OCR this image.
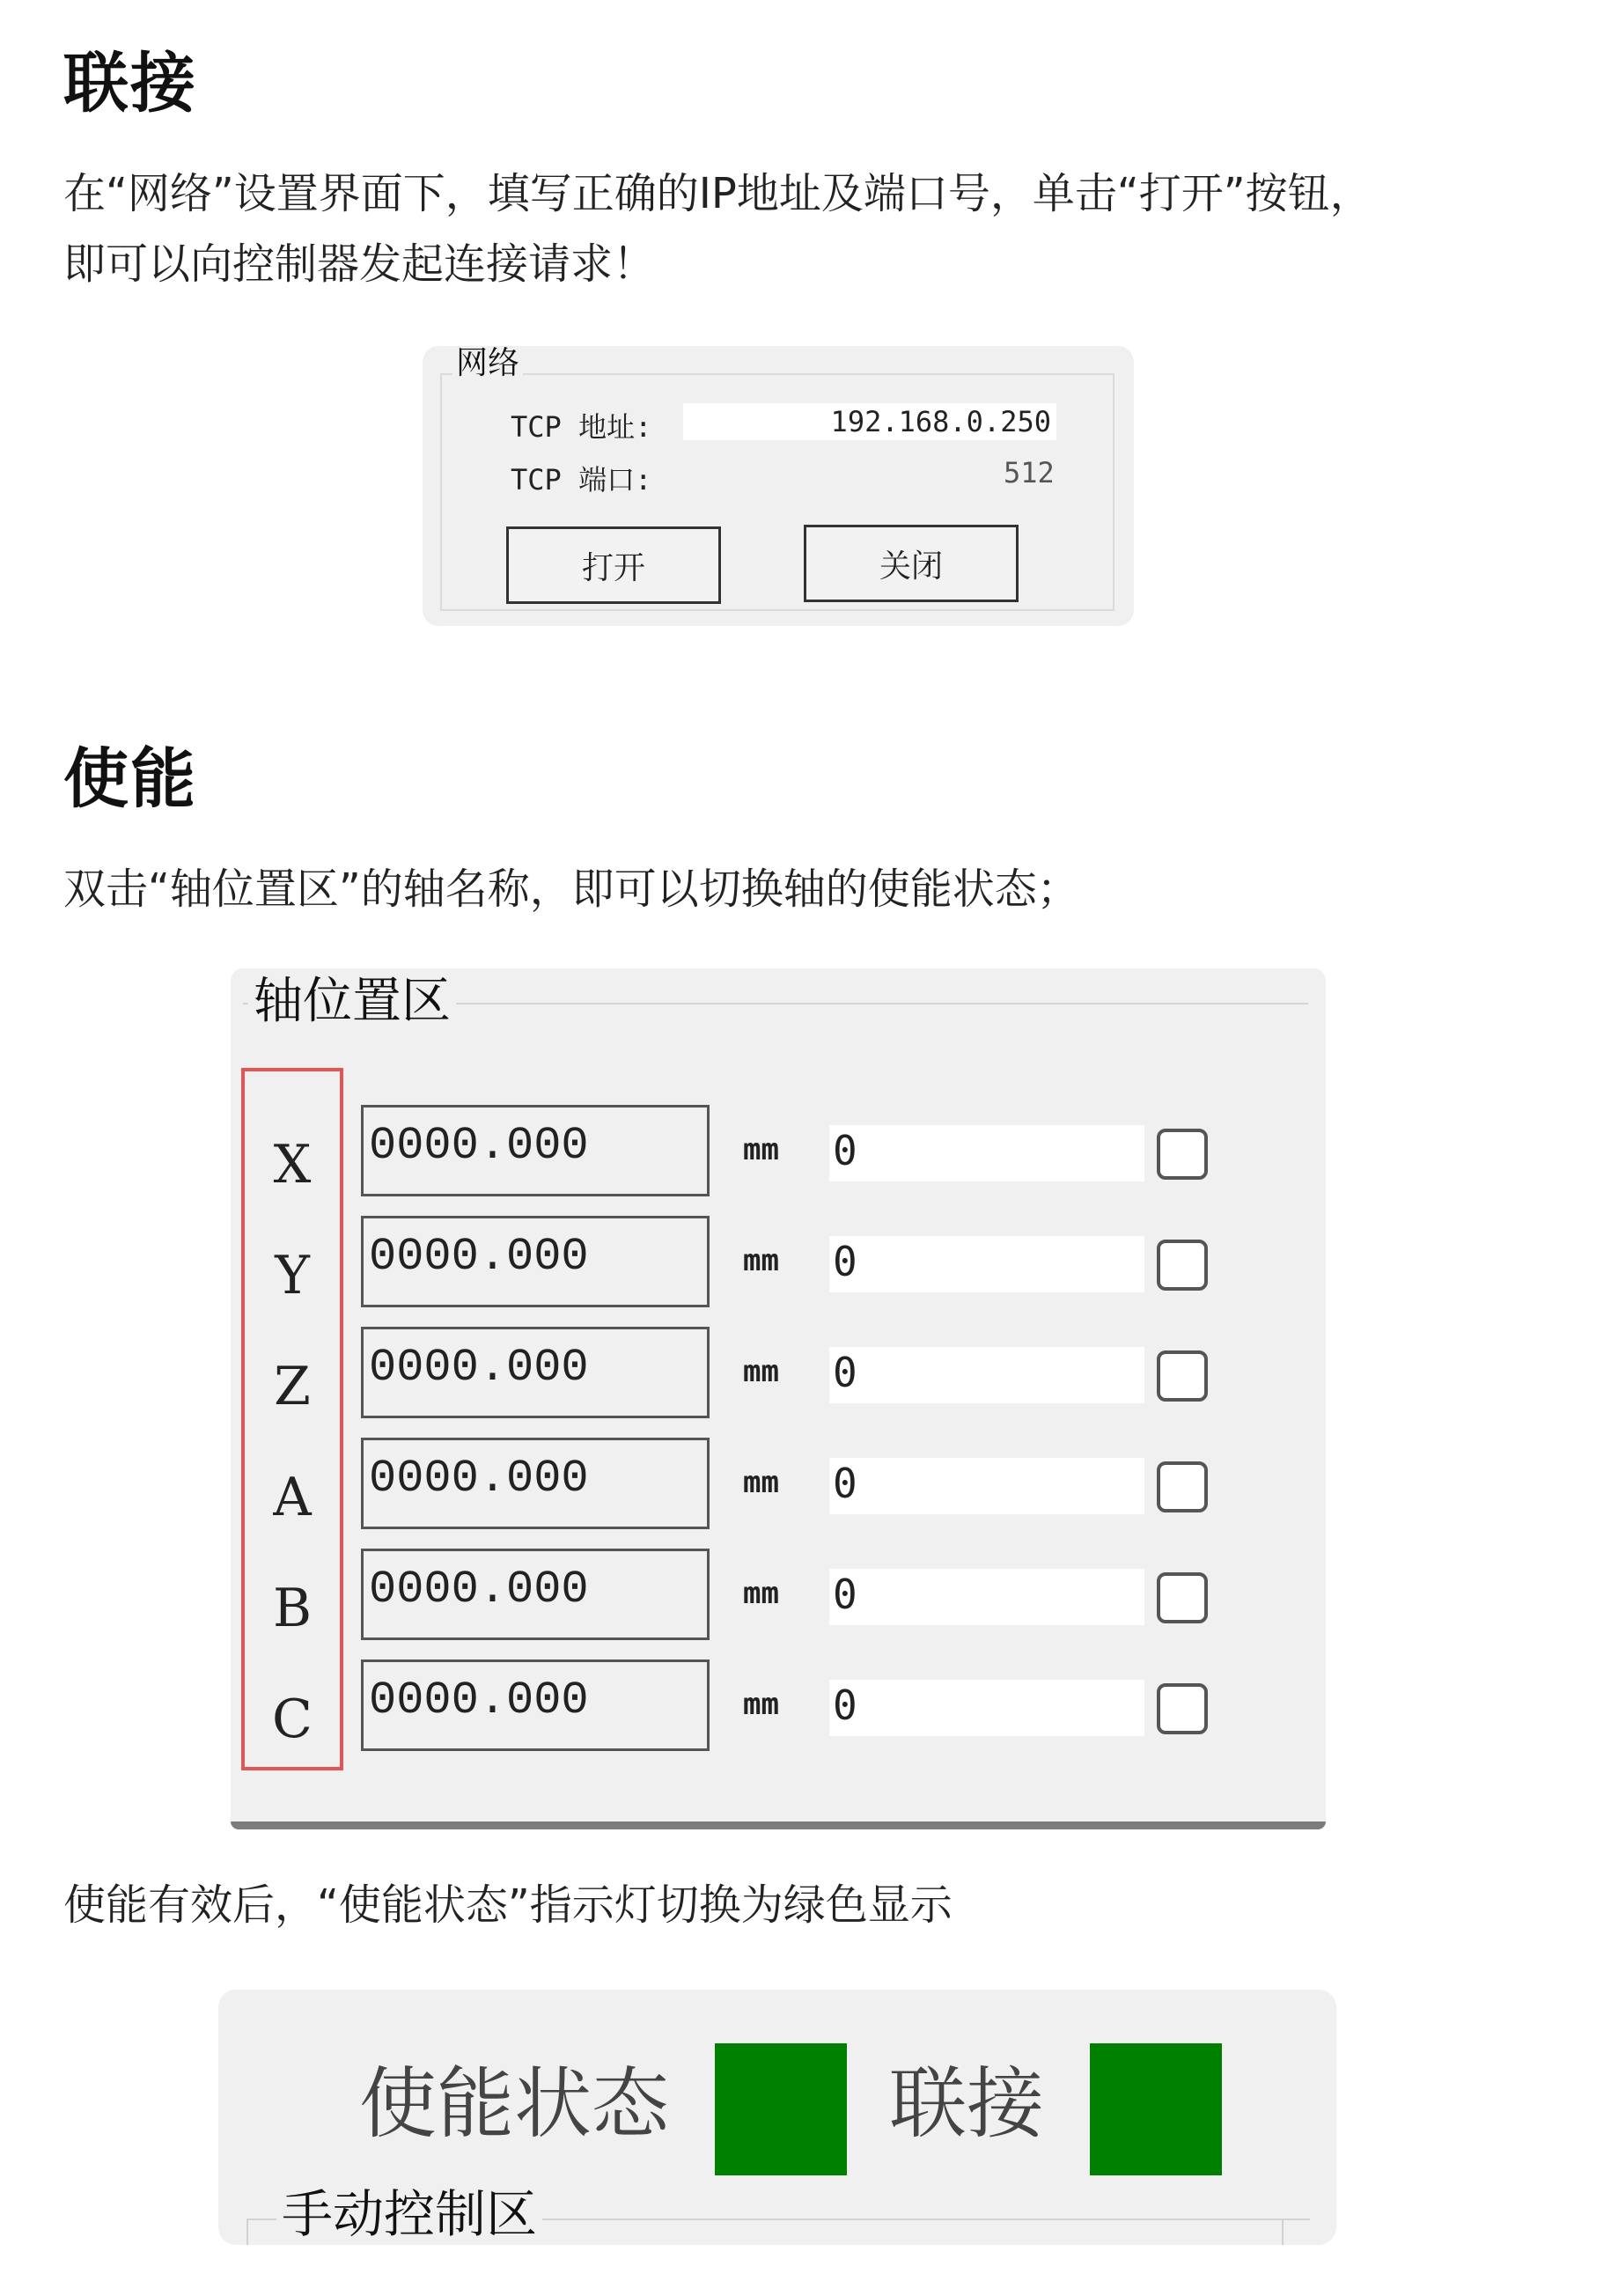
联接

在“网络”设置界面下，填写正确的IP地址及端口号，单击“打开”按钮，

即可以向控制器发起连接请求！

网络
TCP 地址:	192.168.0.250
TCP 端口:	512
打开	关闭
使能

双击“轴位置区”的轴名称，即可以切换轴的使能状态；

轴位置区
X	0000.000	mm 0
Y	0000.000	mm 0
Z	0000.000	mm 0
A	0000.000	mm 0
B	0000.000	mm 0
C	0000.000	mm 0

使能有效后，“使能状态”指示灯切换为绿色显示

使能状态	联接
手动控制区
